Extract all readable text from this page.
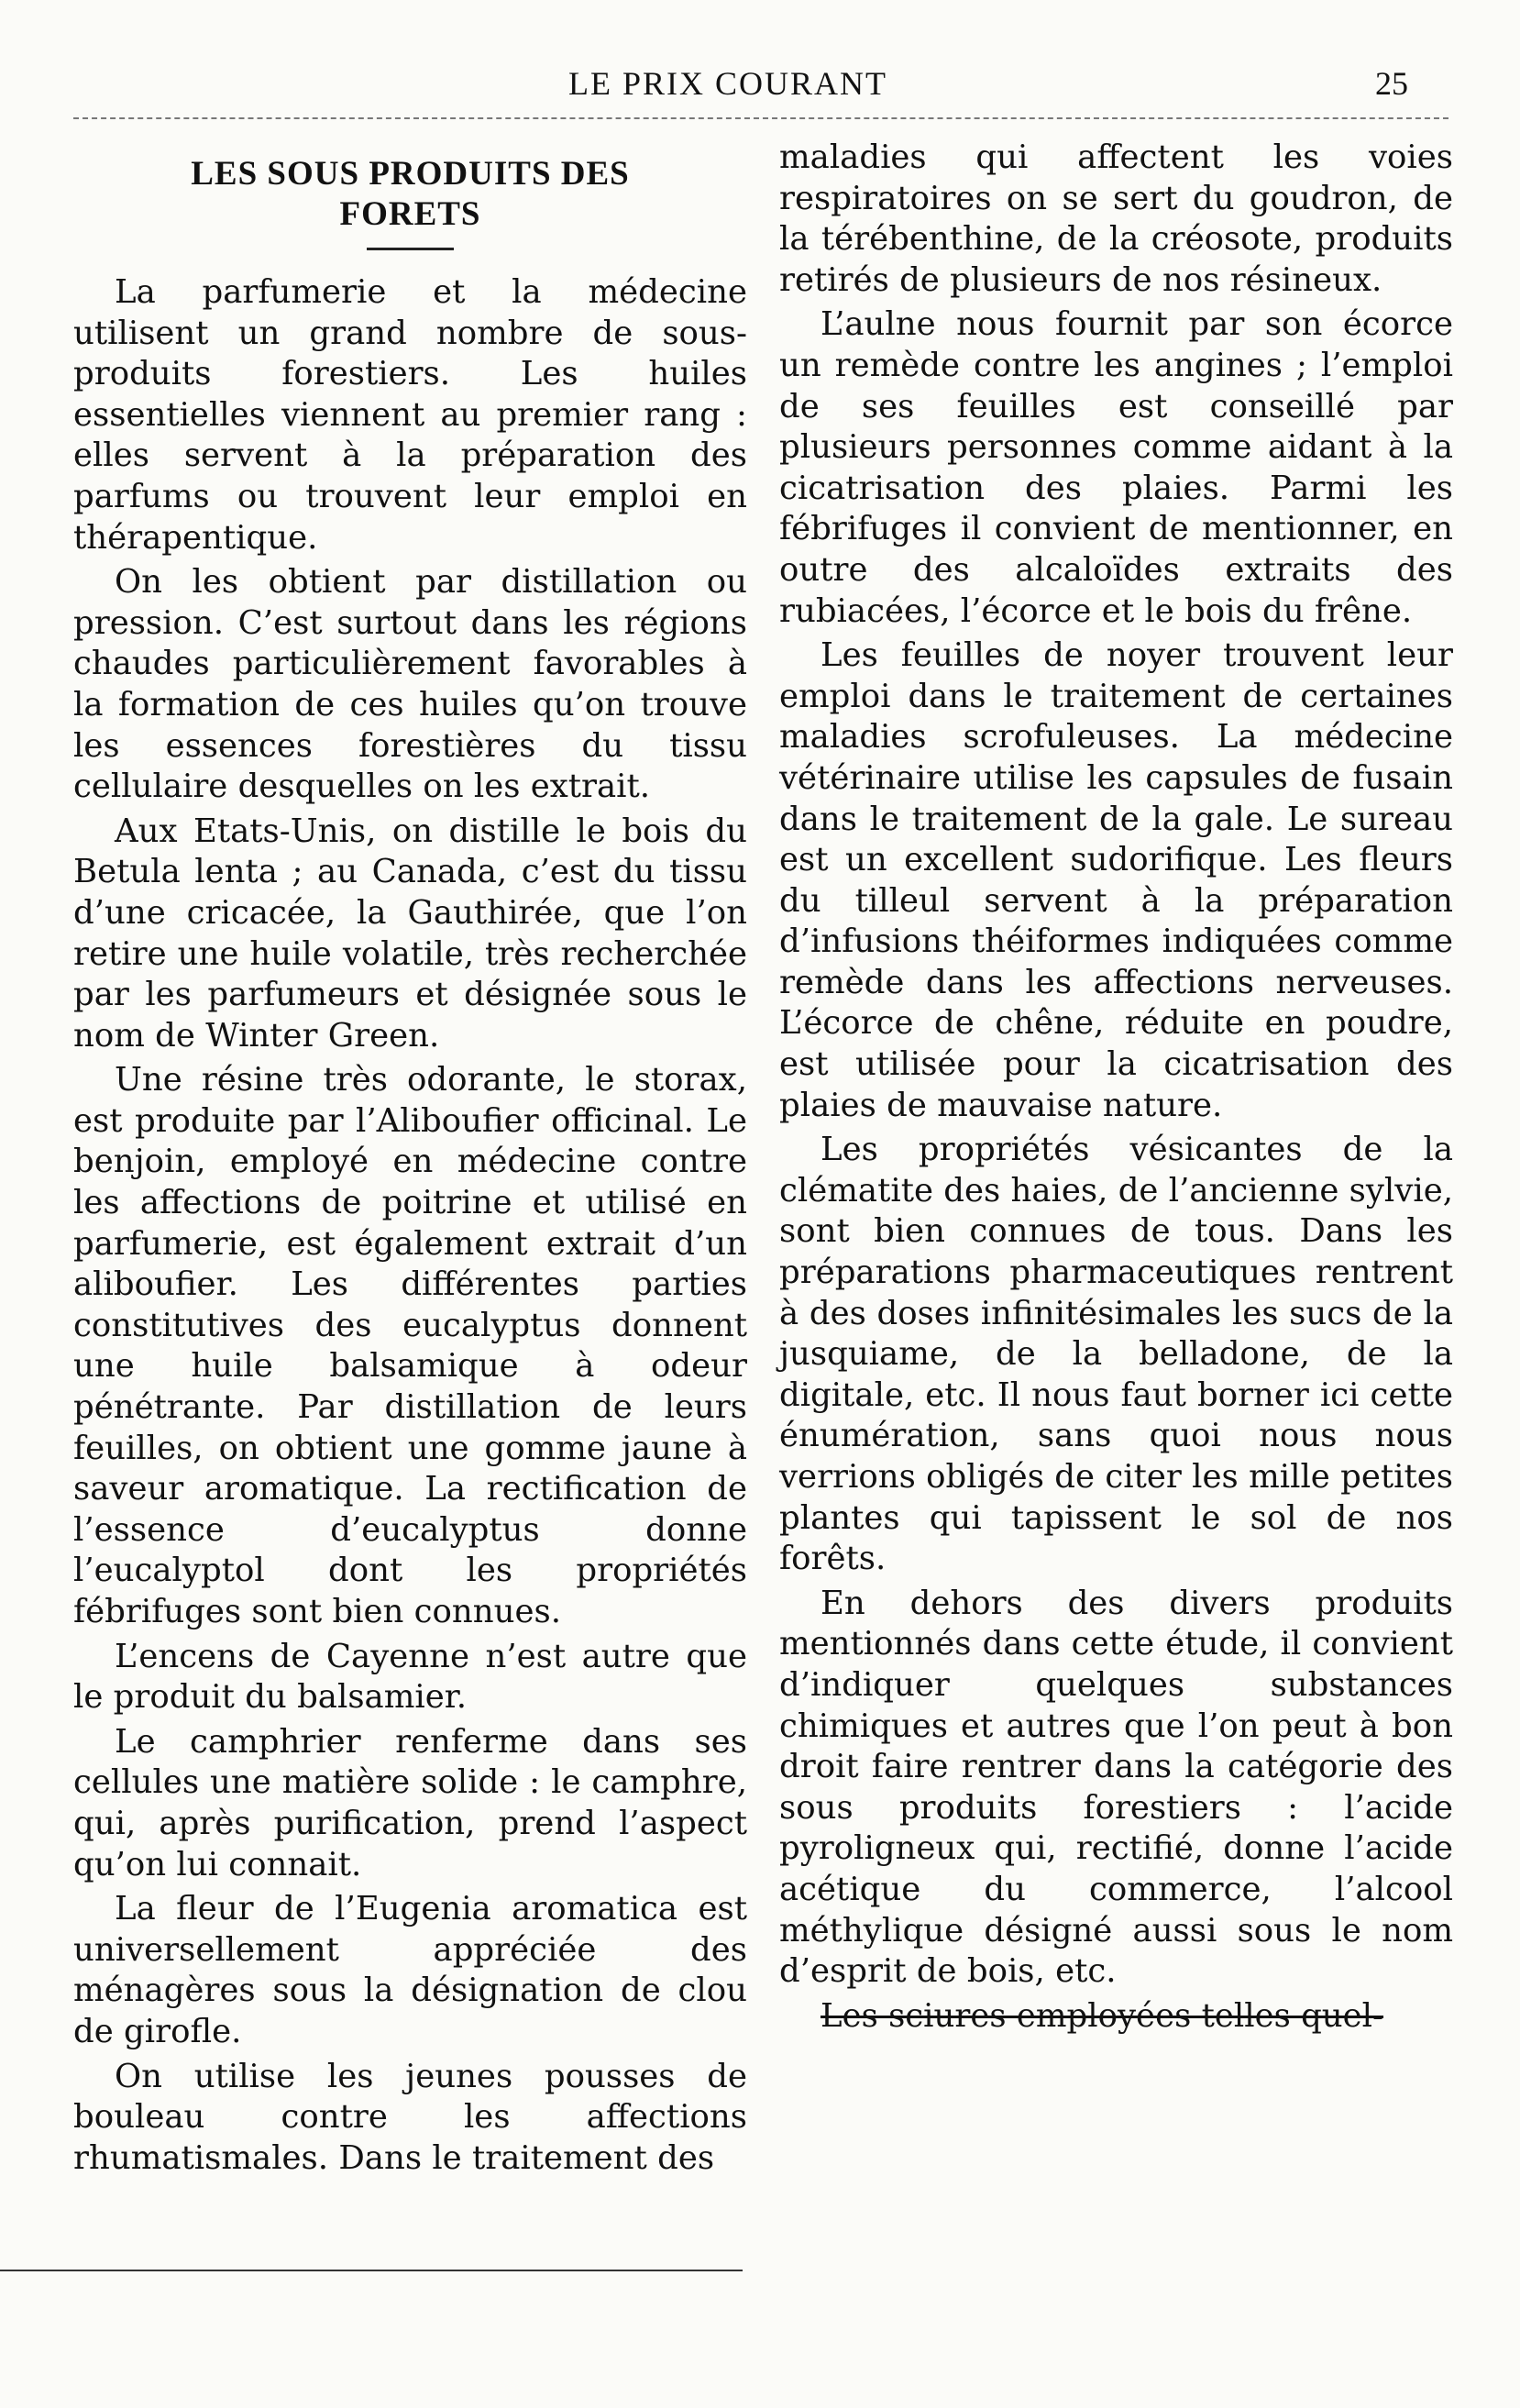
LE PRIX COURANT	25
LES SOUS PRODUITS DES
FORETS

La parfumerie et la médecine utilisent un grand nombre de sous-produits forestiers. Les huiles essentielles viennent au premier rang : elles servent à la préparation des parfums ou trouvent leur emploi en thérapentique.

On les obtient par distillation ou pression. C’est surtout dans les régions chaudes particulièrement favorables à la formation de ces huiles qu’on trouve les essences forestières du tissu cellulaire desquelles on les extrait.

Aux Etats-Unis, on distille le bois du Betula lenta ; au Canada, c’est du tissu d’une cricacée, la Gauthirée, que l’on retire une huile volatile, très recherchée par les parfumeurs et désignée sous le nom de Winter Green.

Une résine très odorante, le storax, est produite par l’Aliboufier officinal. Le benjoin, employé en médecine contre les affections de poitrine et utilisé en parfumerie, est également extrait d’un aliboufier. Les différentes parties constitutives des eucalyptus donnent une huile balsamique à odeur pénétrante. Par distillation de leurs feuilles, on obtient une gomme jaune à saveur aromatique. La rectification de l’essence d’eucalyptus donne l’eucalyptol dont les propriétés fébrifuges sont bien connues.

L’encens de Cayenne n’est autre que le produit du balsamier.

Le camphrier renferme dans ses cellules une matière solide : le camphre, qui, après purification, prend l’aspect qu’on lui connait.

La fleur de l’Eugenia aromatica est universellement appréciée des ménagères sous la désignation de clou de girofle.

On utilise les jeunes pousses de bouleau contre les affections rhumatismales. Dans le traitement des

maladies qui affectent les voies respiratoires on se sert du goudron, de la térébenthine, de la créosote, produits retirés de plusieurs de nos résineux.

L’aulne nous fournit par son écorce un remède contre les angines ; l’emploi de ses feuilles est conseillé par plusieurs personnes comme aidant à la cicatrisation des plaies. Parmi les fébrifuges il convient de mentionner, en outre des alcaloïdes extraits des rubiacées, l’écorce et le bois du frêne.

Les feuilles de noyer trouvent leur emploi dans le traitement de certaines maladies scrofuleuses. La médecine vétérinaire utilise les capsules de fusain dans le traitement de la gale. Le sureau est un excellent sudorifique. Les fleurs du tilleul servent à la préparation d’infusions théiformes indiquées comme remède dans les affections nerveuses. L’écorce de chêne, réduite en poudre, est utilisée pour la cicatrisation des plaies de mauvaise nature.

Les propriétés vésicantes de la clématite des haies, de l’ancienne sylvie, sont bien connues de tous. Dans les préparations pharmaceutiques rentrent à des doses infinitésimales les sucs de la jusquiame, de la belladone, de la digitale, etc. Il nous faut borner ici cette énumération, sans quoi nous nous verrions obligés de citer les mille petites plantes qui tapissent le sol de nos forêts.

En dehors des divers produits mentionnés dans cette étude, il convient d’indiquer quelques substances chimiques et autres que l’on peut à bon droit faire rentrer dans la catégorie des sous produits forestiers : l’acide pyroligneux qui, rectifié, donne l’acide acétique du commerce, l’alcool méthylique désigné aussi sous le nom d’esprit de bois, etc.

Les sciures employées telles quel-
